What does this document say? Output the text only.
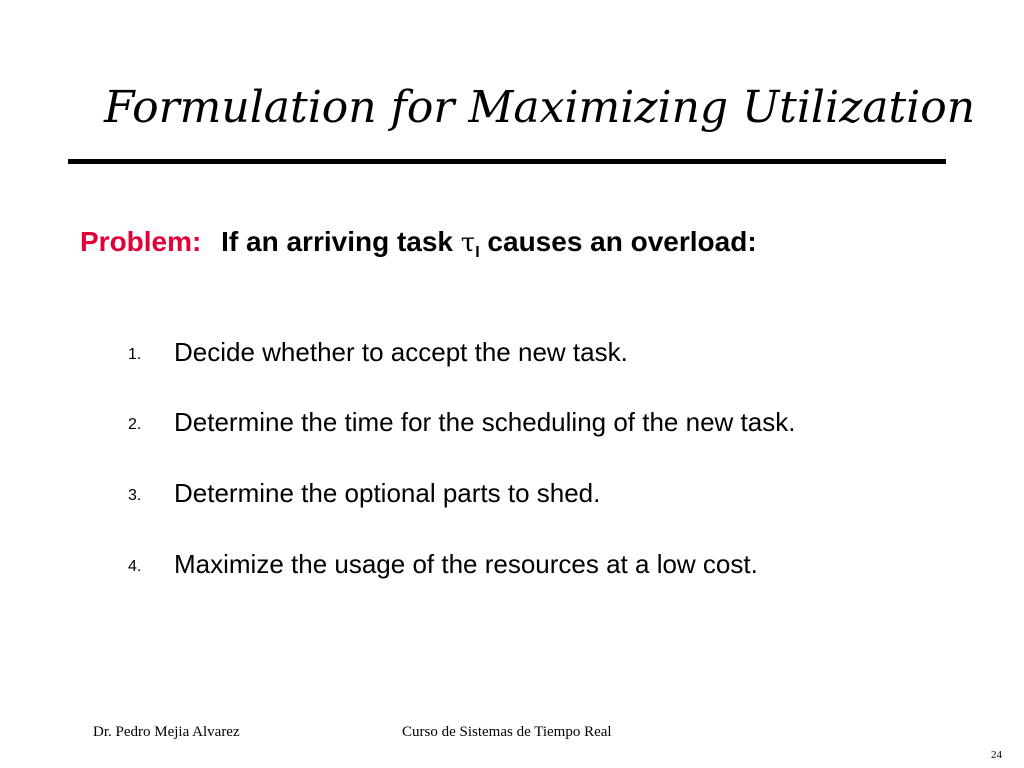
Formulation for Maximizing Utilization
Problem: If an arriving task $\tau_I$ causes an overload:
1. Decide whether to accept the new task.
2. Determine the time for the scheduling of the new task.
3. Determine the optional parts to shed.
4. Maximize the usage of the resources at a low cost.
Dr. Pedro Mejia Alvarez	Curso de Sistemas de Tiempo Real
24
